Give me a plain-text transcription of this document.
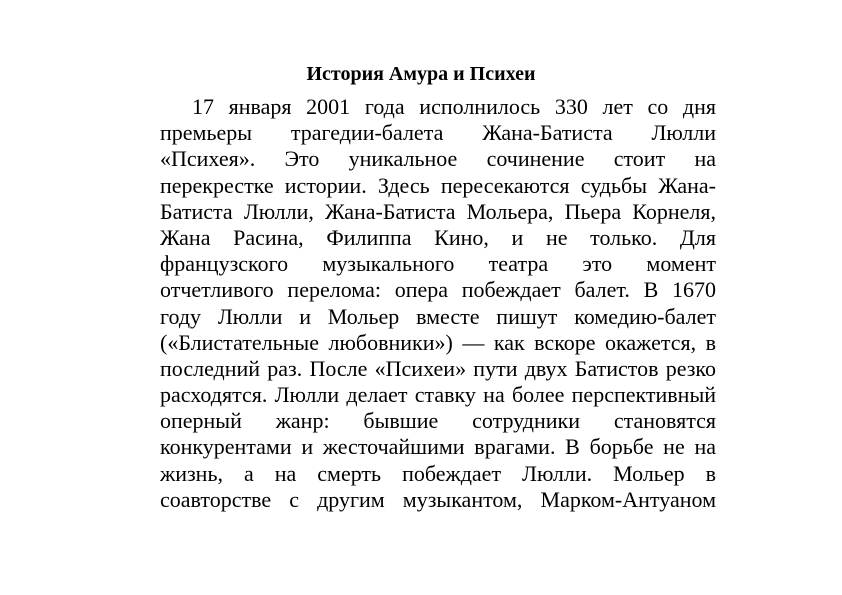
История Амура и Психеи
17 января 2001 года исполнилось 330 лет со дня
премьеры трагедии-балета Жана-Батиста Люлли
«Психея». Это уникальное сочинение стоит на
перекрестке истории. Здесь пересекаются судьбы Жана-
Батиста Люлли, Жана-Батиста Мольера, Пьера Корнеля,
Жана Расина, Филиппа Кино, и не только. Для
французского музыкального театра это момент
отчетливого перелома: опера побеждает балет. В 1670
году Люлли и Мольер вместе пишут комедию-балет
(«Блистательные любовники») — как вскоре окажется, в
последний раз. После «Психеи» пути двух Батистов резко
расходятся. Люлли делает ставку на более перспективный
оперный жанр: бывшие сотрудники становятся
конкурентами и жесточайшими врагами. В борьбе не на
жизнь, а на смерть побеждает Люлли. Мольер в
соавторстве с другим музыкантом, Марком-Антуаном
